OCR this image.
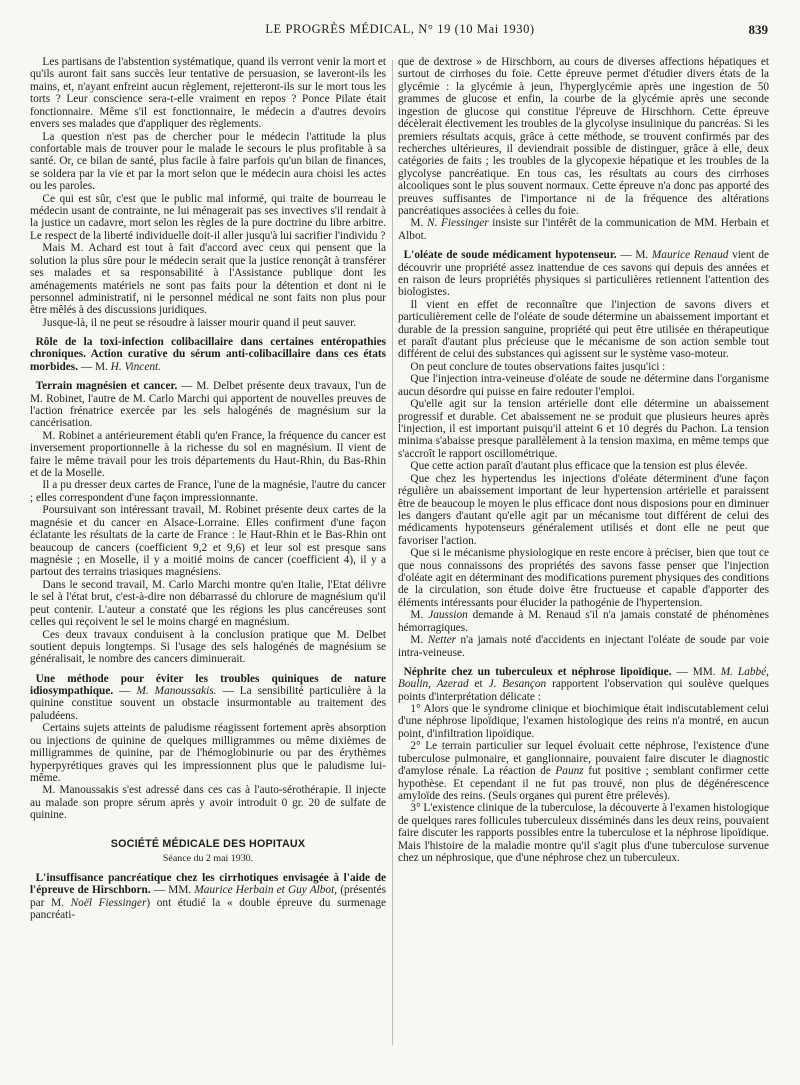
LE PROGRÈS MÉDICAL, N° 19 (10 Mai 1930)	839

Les partisans de l'abstention systématique, quand ils verront venir la mort et qu'ils auront fait sans succès leur tentative de persuasion, se laveront-ils les mains, et, n'ayant enfreint aucun règlement, rejetteront-ils sur le mort tous les torts ? Leur conscience sera-t-elle vraiment en repos ? Ponce Pilate était fonctionnaire. Même s'il est fonctionnaire, le médecin a d'autres devoirs envers ses malades que d'appliquer des règlements.

La question n'est pas de chercher pour le médecin l'attitude la plus confortable mais de trouver pour le malade le secours le plus profitable à sa santé. Or, ce bilan de santé, plus facile à faire parfois qu'un bilan de finances, se soldera par la vie et par la mort selon que le médecin aura choisi les actes ou les paroles.

Ce qui est sûr, c'est que le public mal informé, qui traite de bourreau le médecin usant de contrainte, ne lui ménagerait pas ses invectives s'il rendait à la justice un cadavre, mort selon les règles de la pure doctrine du libre arbitre. Le respect de la liberté individuelle doit-il aller jusqu'à lui sacrifier l'individu ?

Mais M. Achard est tout à fait d'accord avec ceux qui pensent que la solution la plus sûre pour le médecin serait que la justice renonçât à transférer ses malades et sa responsabilité à l'Assistance publique dont les aménagements matériels ne sont pas faits pour la détention et dont ni le personnel administratif, ni le personnel médical ne sont faits non plus pour être mêlés à des discussions juridiques.

Jusque-là, il ne peut se résoudre à laisser mourir quand il peut sauver.

Rôle de la toxi-infection colibacillaire dans certaines entéropathies chroniques. Action curative du sérum anti-colibacillaire dans ces états morbides. — M. H. Vincent.

Terrain magnésien et cancer. — M. Delbet présente deux travaux, l'un de M. Robinet, l'autre de M. Carlo Marchi qui apportent de nouvelles preuves de l'action frénatrice exercée par les sels halogénés de magnésium sur la cancérisation.

M. Robinet a antérieurement établi qu'en France, la fréquence du cancer est inversement proportionnelle à la richesse du sol en magnésium. Il vient de faire le même travail pour les trois départements du Haut-Rhin, du Bas-Rhin et de la Moselle.

Il a pu dresser deux cartes de France, l'une de la magnésie, l'autre du cancer ; elles correspondent d'une façon impressionnante.

Poursuivant son intéressant travail, M. Robinet présente deux cartes de la magnésie et du cancer en Alsace-Lorraine. Elles confirment d'une façon éclatante les résultats de la carte de France : le Haut-Rhin et le Bas-Rhin ont beaucoup de cancers (coefficient 9,2 et 9,6) et leur sol est presque sans magnésie ; en Moselle, il y a moitié moins de cancer (coefficient 4), il y a partout des terrains triasiques magnésiens.

Dans le second travail, M. Carlo Marchi montre qu'en Italie, l'Etat délivre le sel à l'état brut, c'est-à-dire non débarrassé du chlorure de magnésium qu'il peut contenir. L'auteur a constaté que les régions les plus cancéreuses sont celles qui reçoivent le sel le moins chargé en magnésium.

Ces deux travaux conduisent à la conclusion pratique que M. Delbet soutient depuis longtemps. Si l'usage des sels halogénés de magnésium se généralisait, le nombre des cancers diminuerait.

Une méthode pour éviter les troubles quiniques de nature idiosympathique. — M. Manoussakis. — La sensibilité particulière à la quinine constitue souvent un obstacle insurmontable au traitement des paludéens.

Certains sujets atteints de paludisme réagissent fortement après absorption ou injections de quinine de quelques milligrammes ou même dixièmes de milligrammes de quinine, par de l'hémoglobinurie ou par des érythèmes hyperpyrétiques graves qui les impressionnent plus que le paludisme lui-même.

M. Manoussakis s'est adressé dans ces cas à l'auto-sérothérapie. Il injecte au malade son propre sérum après y avoir introduit 0 gr. 20 de sulfate de quinine.

SOCIÉTÉ MÉDICALE DES HOPITAUX
Séance du 2 mai 1930.

L'insuffisance pancréatique chez les cirrhotiques envisagée à l'aide de l'épreuve de Hirschborn. — MM. Maurice Herbain et Guy Albot, (présentés par M. Noël Fiessinger) ont étudié la « double épreuve du surmenage pancréati-

que de dextrose » de Hirschborn, au cours de diverses affections hépatiques et surtout de cirrhoses du foie. Cette épreuve permet d'étudier divers états de la glycémie : la glycémie à jeun, l'hyperglycémie après une ingestion de 50 grammes de glucose et enfin, la courbe de la glycémie après une seconde ingestion de glucose qui constitue l'épreuve de Hirschhorn. Cette épreuve décèlerait électivement les troubles de la glycolyse insulinique du pancréas. Si les premiers résultats acquis, grâce à cette méthode, se trouvent confirmés par des recherches ultérieures, il deviendrait possible de distinguer, grâce à elle, deux catégories de faits ; les troubles de la glycopexie hépatique et les troubles de la glycolyse pancréatique. En tous cas, les résultats au cours des cirrhoses alcooliques sont le plus souvent normaux. Cette épreuve n'a donc pas apporté des preuves suffisantes de l'importance ni de la fréquence des altérations pancréatiques associées à celles du foie.

M. N. Fiessinger insiste sur l'intérêt de la communication de MM. Herbain et Albot.

L'oléate de soude médicament hypotenseur. — M. Maurice Renaud vient de découvrir une propriété assez inattendue de ces savons qui depuis des années et en raison de leurs propriétés physiques si particulières retiennent l'attention des biologistes.

Il vient en effet de reconnaître que l'injection de savons divers et particulièrement celle de l'oléate de soude détermine un abaissement important et durable de la pression sanguine, propriété qui peut être utilisée en thérapeutique et paraît d'autant plus précieuse que le mécanisme de son action semble tout différent de celui des substances qui agissent sur le système vaso-moteur.

On peut conclure de toutes observations faites jusqu'ici :

Que l'injection intra-veineuse d'oléate de soude ne détermine dans l'organisme aucun désordre qui puisse en faire redouter l'emploi.

Qu'elle agit sur la tension artérielle dont elle détermine un abaissement progressif et durable. Cet abaissement ne se produit que plusieurs heures après l'injection, il est important puisqu'il atteint 6 et 10 degrés du Pachon. La tension minima s'abaisse presque parallèlement à la tension maxima, en même temps que s'accroît le rapport oscillométrique.

Que cette action paraît d'autant plus efficace que la tension est plus élevée.

Que chez les hypertendus les injections d'oléate déterminent d'une façon régulière un abaissement important de leur hypertension artérielle et paraissent être de beaucoup le moyen le plus efficace dont nous disposions pour en diminuer les dangers d'autant qu'elle agit par un mécanisme tout différent de celui des médicaments hypotenseurs généralement utilisés et dont elle ne peut que favoriser l'action.

Que si le mécanisme physiologique en reste encore à préciser, bien que tout ce que nous connaissons des propriétés des savons fasse penser que l'injection d'oléate agit en déterminant des modifications purement physiques des conditions de la circulation, son étude doive être fructueuse et capable d'apporter des éléments intéressants pour élucider la pathogénie de l'hypertension.

M. Jaussion demande à M. Renaud s'il n'a jamais constaté de phénomènes hémorragiques.

M. Netter n'a jamais noté d'accidents en injectant l'oléate de soude par voie intra-veineuse.

Néphrite chez un tuberculeux et néphrose lipoïdique. — MM. M. Labbé, Boulin, Azerad et J. Besançon rapportent l'observation qui soulève quelques points d'interprétation délicate :

1° Alors que le syndrome clinique et biochimique était indiscutablement celui d'une néphrose lipoïdique, l'examen histologique des reins n'a montré, en aucun point, d'infiltration lipoïdique.

2° Le terrain particulier sur lequel évoluait cette néphrose, l'existence d'une tuberculose pulmonaire, et ganglionnaire, pouvaient faire discuter le diagnostic d'amylose rénale. La réaction de Paunz fut positive ; semblant confirmer cette hypothèse. Et cependant il ne fut pas trouvé, non plus de dégénérescence amyloïde des reins. (Seuls organes qui purent être prélevés).

3° L'existence clinique de la tuberculose, la découverte à l'examen histologique de quelques rares follicules tuberculeux disséminés dans les deux reins, pouvaient faire discuter les rapports possibles entre la tuberculose et la néphrose lipoïdique. Mais l'histoire de la maladie montre qu'il s'agit plus d'une tuberculose survenue chez un néphrosique, que d'une néphrose chez un tuberculeux.
